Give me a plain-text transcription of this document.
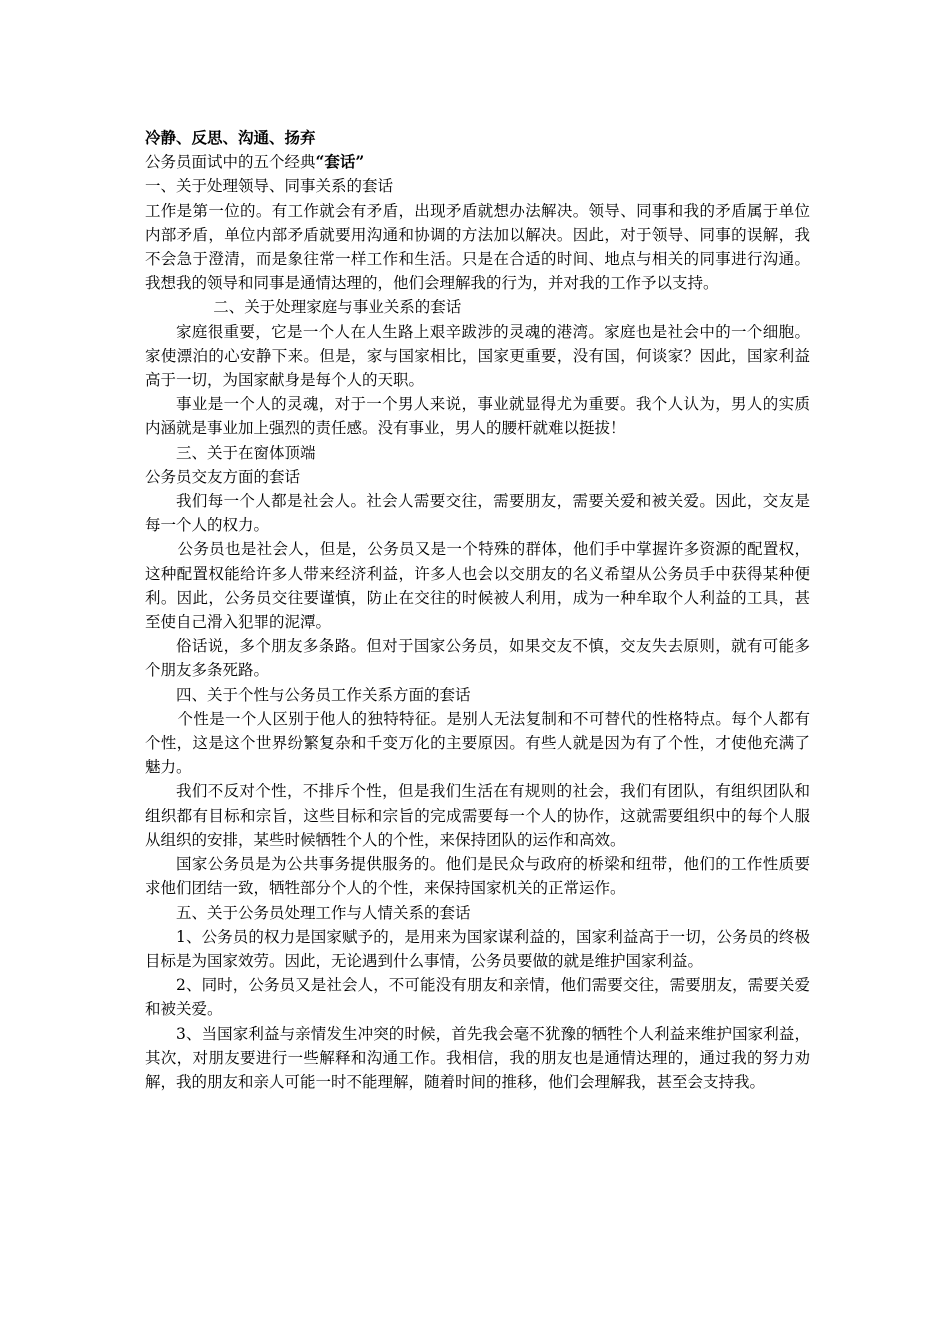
冷静、反思、沟通、扬弃

公务员面试中的五个经典“套话”

一、关于处理领导、同事关系的套话

工作是第一位的。有工作就会有矛盾，出现矛盾就想办法解决。领导、同事和我的矛盾属于单位内部矛盾，单位内部矛盾就要用沟通和协调的方法加以解决。因此，对于领导、同事的误解，我不会急于澄清，而是象往常一样工作和生活。只是在合适的时间、地点与相关的同事进行沟通。我想我的领导和同事是通情达理的，他们会理解我的行为，并对我的工作予以支持。

二、关于处理家庭与事业关系的套话

家庭很重要，它是一个人在人生路上艰辛跋涉的灵魂的港湾。家庭也是社会中的一个细胞。家使漂泊的心安静下来。但是，家与国家相比，国家更重要，没有国，何谈家？因此，国家利益高于一切，为国家献身是每个人的天职。

事业是一个人的灵魂，对于一个男人来说，事业就显得尤为重要。我个人认为，男人的实质内涵就是事业加上强烈的责任感。没有事业，男人的腰杆就难以挺拔！

三、关于在窗体顶端

公务员交友方面的套话

我们每一个人都是社会人。社会人需要交往，需要朋友，需要关爱和被关爱。因此，交友是每一个人的权力。

公务员也是社会人，但是，公务员又是一个特殊的群体，他们手中掌握许多资源的配置权，这种配置权能给许多人带来经济利益，许多人也会以交朋友的名义希望从公务员手中获得某种便利。因此，公务员交往要谨慎，防止在交往的时候被人利用，成为一种牟取个人利益的工具，甚至使自己滑入犯罪的泥潭。

俗话说，多个朋友多条路。但对于国家公务员，如果交友不慎，交友失去原则，就有可能多个朋友多条死路。

四、关于个性与公务员工作关系方面的套话

个性是一个人区别于他人的独特特征。是别人无法复制和不可替代的性格特点。每个人都有个性，这是这个世界纷繁复杂和千变万化的主要原因。有些人就是因为有了个性，才使他充满了魅力。

我们不反对个性，不排斥个性，但是我们生活在有规则的社会，我们有团队，有组织团队和组织都有目标和宗旨，这些目标和宗旨的完成需要每一个人的协作，这就需要组织中的每个人服从组织的安排，某些时候牺牲个人的个性，来保持团队的运作和高效。

国家公务员是为公共事务提供服务的。他们是民众与政府的桥梁和纽带，他们的工作性质要求他们团结一致，牺牲部分个人的个性，来保持国家机关的正常运作。

五、关于公务员处理工作与人情关系的套话

1、公务员的权力是国家赋予的，是用来为国家谋利益的，国家利益高于一切，公务员的终极目标是为国家效劳。因此，无论遇到什么事情，公务员要做的就是维护国家利益。

2、同时，公务员又是社会人，不可能没有朋友和亲情，他们需要交往，需要朋友，需要关爱和被关爱。

3、当国家利益与亲情发生冲突的时候，首先我会毫不犹豫的牺牲个人利益来维护国家利益，其次，对朋友要进行一些解释和沟通工作。我相信，我的朋友也是通情达理的，通过我的努力劝解，我的朋友和亲人可能一时不能理解，随着时间的推移，他们会理解我，甚至会支持我。
